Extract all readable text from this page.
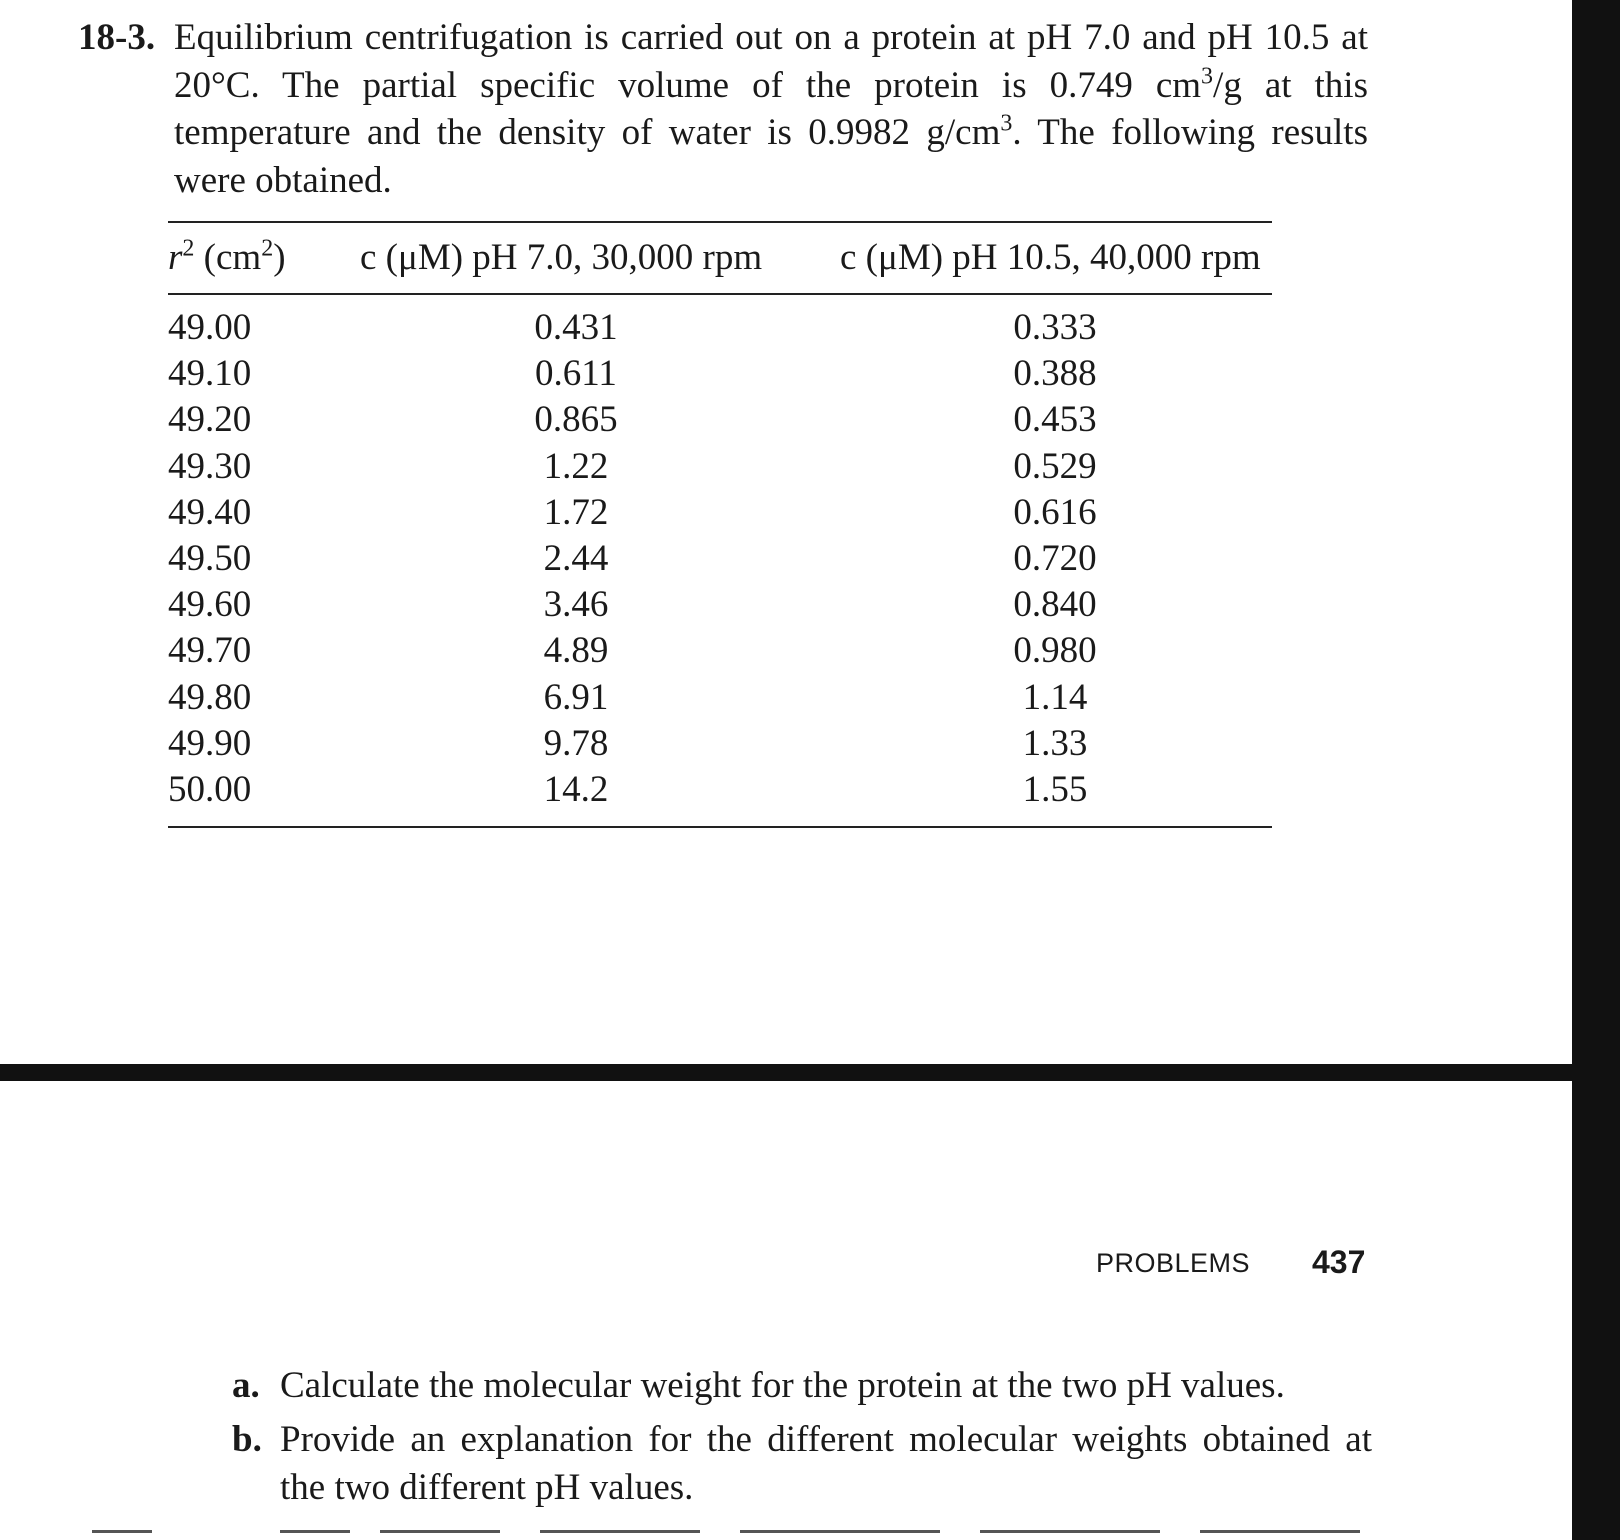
18-3. Equilibrium centrifugation is carried out on a protein at pH 7.0 and pH 10.5 at 20°C. The partial specific volume of the protein is 0.749 $cm^3/g$ at this temperature and the density of water is 0.9982 $g/cm^3$. The following results were obtained.
$r^2$ $(cm^2)$ c (μM) pH 7.0, 30,000 rpm c (μM) pH 10.5, 40,000 rpm
49.00	0.431	0.333
49.10	0.611	0.388
49.20	0.865	0.453
49.30	1.22	0.529
49.40	1.72	0.616
49.50	2.44	0.720
49.60	3.46	0.840
49.70	4.89	0.980
49.80	6.91	1.14
49.90	9.78	1.33
50.00	14.2	1.55
PROBLEMS 437
a. Calculate the molecular weight for the protein at the two pH values.
b. Provide an explanation for the different molecular weights obtained at the two different pH values.
